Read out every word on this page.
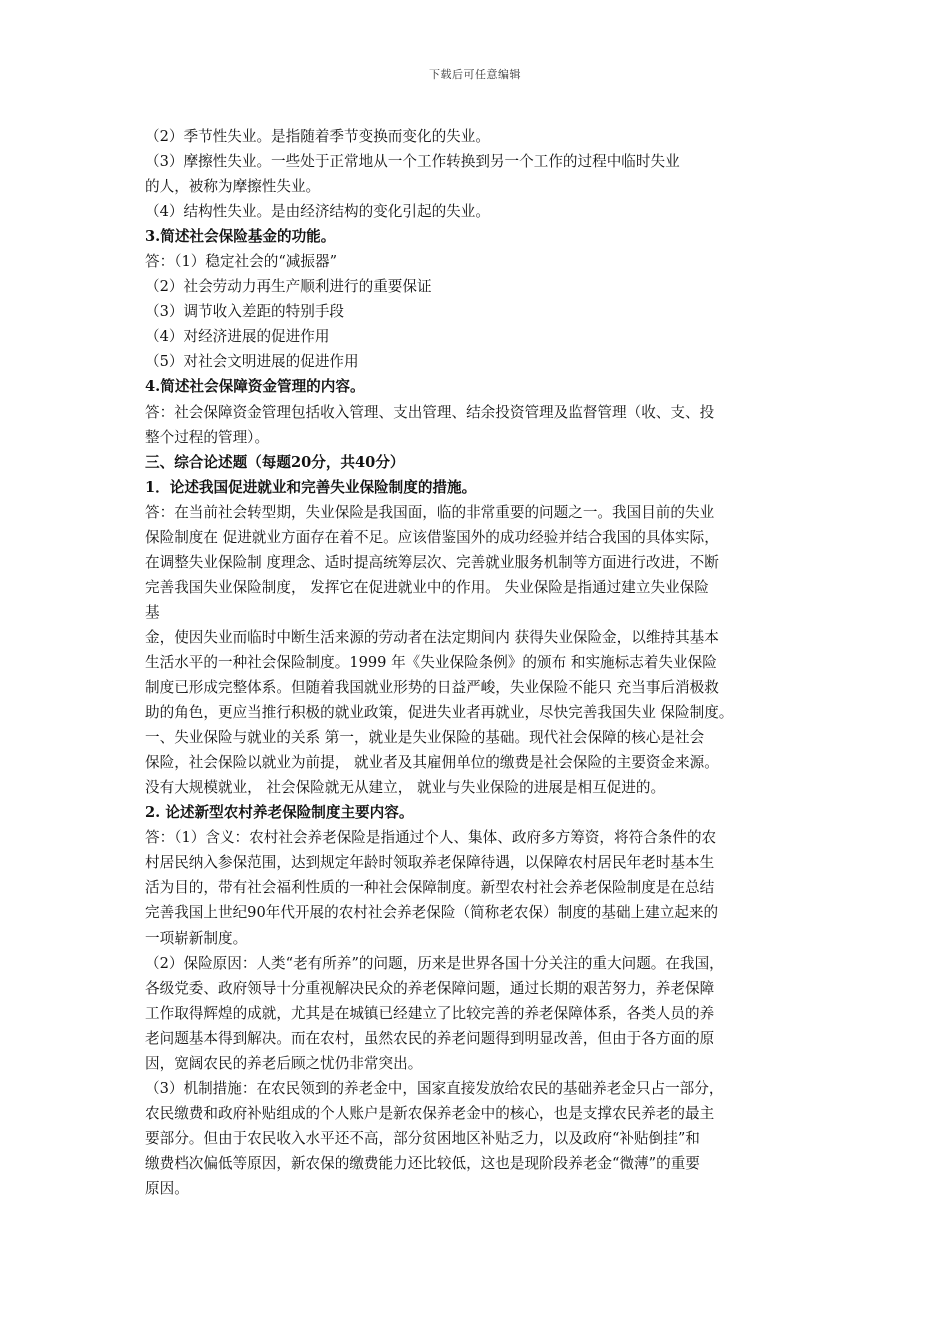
下载后可任意编辑
（2）季节性失业。是指随着季节变换而变化的失业。
（3）摩擦性失业。一些处于正常地从一个工作转换到另一个工作的过程中临时失业
的人，被称为摩擦性失业。
（4）结构性失业。是由经济结构的变化引起的失业。
3.简述社会保险基金的功能。
答：（1）稳定社会的“减振器”
（2）社会劳动力再生产顺利进行的重要保证
（3）调节收入差距的特别手段
（4）对经济进展的促进作用
（5）对社会文明进展的促进作用
4.简述社会保障资金管理的内容。
答：社会保障资金管理包括收入管理、支出管理、结余投资管理及监督管理（收、支、投
整个过程的管理）。
三、综合论述题（每题20分，共40分）
1．论述我国促进就业和完善失业保险制度的措施。
答：在当前社会转型期，失业保险是我国面，临的非常重要的问题之一。我国目前的失业
保险制度在 促进就业方面存在着不足。应该借鉴国外的成功经验并结合我国的具体实际，
在调整失业保险制 度理念、适时提高统筹层次、完善就业服务机制等方面进行改进，不断
完善我国失业保险制度， 发挥它在促进就业中的作用。 失业保险是指通过建立失业保险
基
金，使因失业而临时中断生活来源的劳动者在法定期间内 获得失业保险金，以维持其基本
生活水平的一种社会保险制度。1999 年《失业保险条例》的颁布 和实施标志着失业保险
制度已形成完整体系。但随着我国就业形势的日益严峻，失业保险不能只 充当事后消极救
助的角色，更应当推行积极的就业政策，促进失业者再就业，尽快完善我国失业 保险制度。
一、失业保险与就业的关系 第一，就业是失业保险的基础。现代社会保障的核心是社会
保险，社会保险以就业为前提， 就业者及其雇佣单位的缴费是社会保险的主要资金来源。
没有大规模就业， 社会保险就无从建立， 就业与失业保险的进展是相互促进的。
2. 论述新型农村养老保险制度主要内容。
答：（1）含义：农村社会养老保险是指通过个人、集体、政府多方筹资，将符合条件的农
村居民纳入参保范围，达到规定年龄时领取养老保障待遇，以保障农村居民年老时基本生
活为目的，带有社会福利性质的一种社会保障制度。新型农村社会养老保险制度是在总结
完善我国上世纪90年代开展的农村社会养老保险（简称老农保）制度的基础上建立起来的
一项崭新制度。
（2）保险原因：人类“老有所养”的问题，历来是世界各国十分关注的重大问题。在我国，
各级党委、政府领导十分重视解决民众的养老保障问题，通过长期的艰苦努力，养老保障
工作取得辉煌的成就，尤其是在城镇已经建立了比较完善的养老保障体系，各类人员的养
老问题基本得到解决。而在农村，虽然农民的养老问题得到明显改善，但由于各方面的原
因，宽阔农民的养老后顾之忧仍非常突出。
（3）机制措施：在农民领到的养老金中，国家直接发放给农民的基础养老金只占一部分，
农民缴费和政府补贴组成的个人账户是新农保养老金中的核心，也是支撑农民养老的最主
要部分。但由于农民收入水平还不高，部分贫困地区补贴乏力，以及政府“补贴倒挂”和
缴费档次偏低等原因，新农保的缴费能力还比较低，这也是现阶段养老金“微薄”的重要
原因。
